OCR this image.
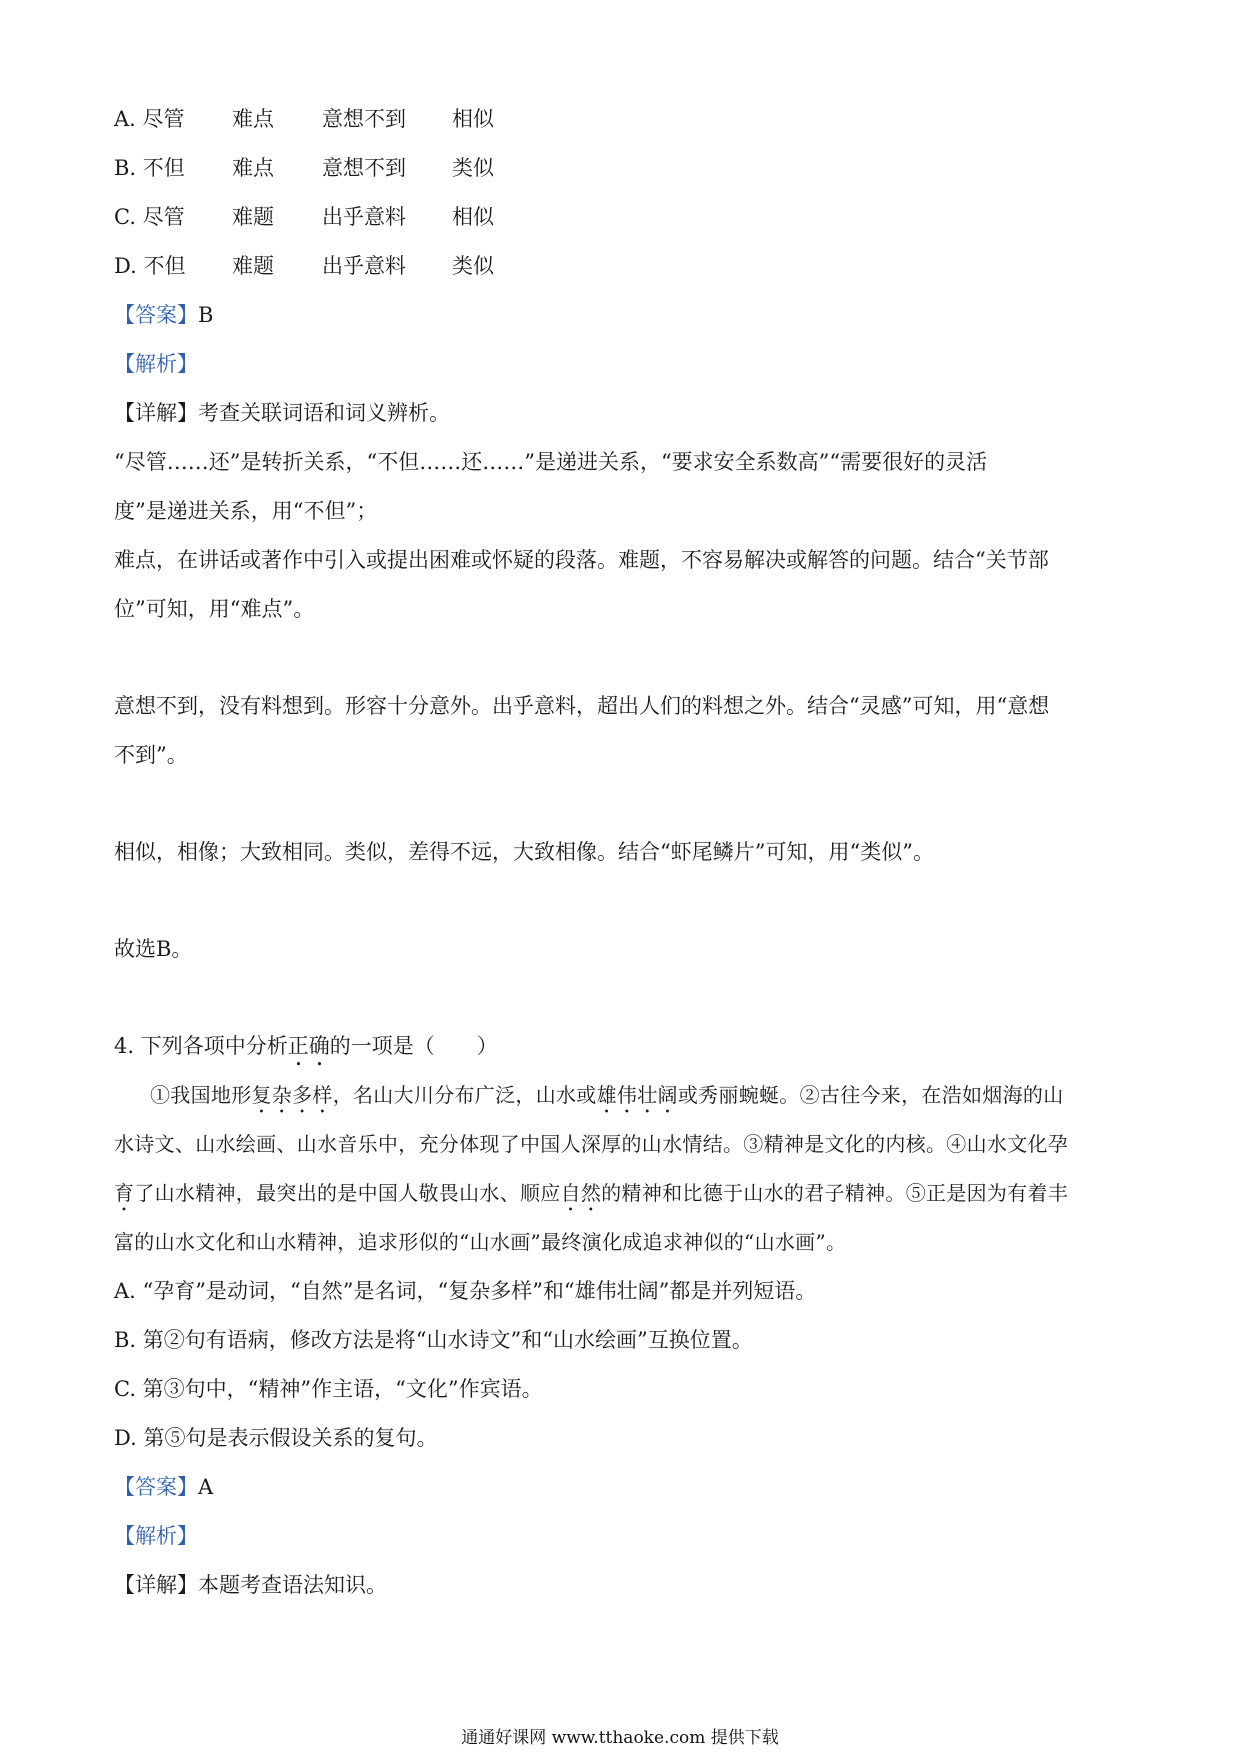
A. 尽管 难点 意想不到 相似
B. 不但 难点 意想不到 类似
C. 尽管 难题 出乎意料 相似
D. 不但 难题 出乎意料 类似
【答案】B
【解析】
【详解】考查关联词语和词义辨析。
“尽管……还”是转折关系，“不但……还……”是递进关系，“要求安全系数高”“需要很好的灵活
度”是递进关系，用“不但”；
难点，在讲话或著作中引入或提出困难或怀疑的段落。难题，不容易解决或解答的问题。结合“关节部
位”可知，用“难点”。
意想不到，没有料想到。形容十分意外。出乎意料，超出人们的料想之外。结合“灵感”可知，用“意想
不到”。
相似，相像；大致相同。类似，差得不远，大致相像。结合“虾尾鳞片”可知，用“类似”。
故选B。
4. 下列各项中分析正确的一项是（　　）
①我国地形复杂多样，名山大川分布广泛，山水或雄伟壮阔或秀丽蜿蜒。②古往今来，在浩如烟海的山
水诗文、山水绘画、山水音乐中，充分体现了中国人深厚的山水情结。③精神是文化的内核。④山水文化孕
育了山水精神，最突出的是中国人敬畏山水、顺应自然的精神和比德于山水的君子精神。⑤正是因为有着丰
富的山水文化和山水精神，追求形似的“山水画”最终演化成追求神似的“山水画”。
A. “孕育”是动词，“自然”是名词，“复杂多样”和“雄伟壮阔”都是并列短语。
B. 第②句有语病，修改方法是将“山水诗文”和“山水绘画”互换位置。
C. 第③句中，“精神”作主语，“文化”作宾语。
D. 第⑤句是表示假设关系的复句。
【答案】A
【解析】
【详解】本题考查语法知识。
通通好课网 www.tthaoke.com 提供下载
